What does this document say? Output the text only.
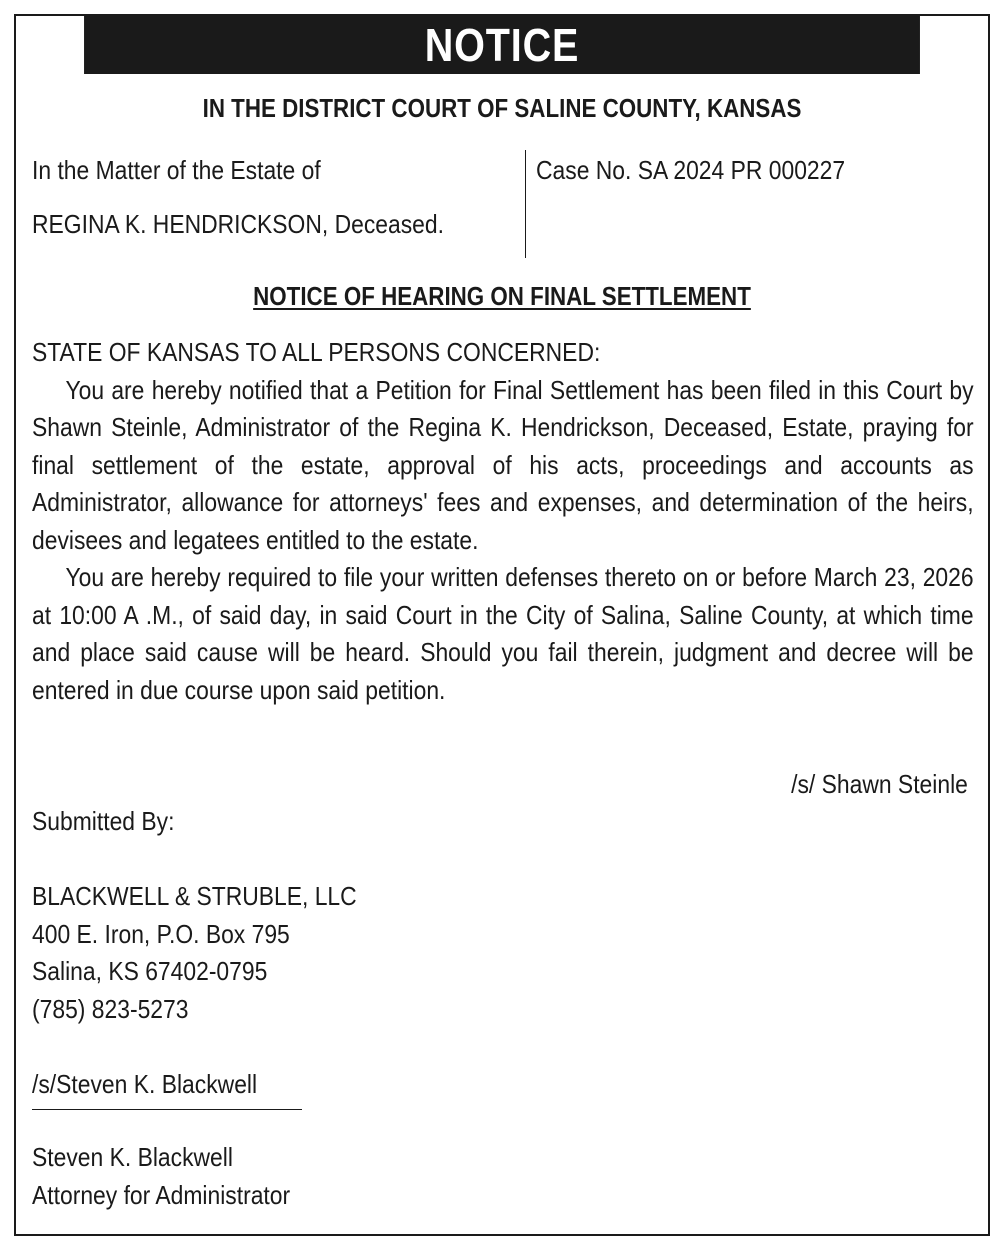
NOTICE
IN THE DISTRICT COURT OF SALINE COUNTY, KANSAS
In the Matter of the Estate of
REGINA K. HENDRICKSON, Deceased.
Case No. SA 2024 PR 000227
NOTICE OF HEARING ON FINAL SETTLEMENT

STATE OF KANSAS TO ALL PERSONS CONCERNED:

You are hereby notified that a Petition for Final Settlement has been filed in this Court by Shawn Steinle, Administrator of the Regina K. Hendrickson, Deceased, Estate, praying for final settlement of the estate, approval of his acts, proceedings and accounts as Administrator, allowance for attorneys' fees and expenses, and determination of the heirs, devisees and legatees entitled to the estate.

You are hereby required to file your written defenses thereto on or before March 23, 2026 at 10:00 A .M., of said day, in said Court in the City of Salina, Saline County, at which time and place said cause will be heard. Should you fail therein, judgment and decree will be entered in due course upon said petition.

/s/ Shawn Steinle
Submitted By:
BLACKWELL & STRUBLE, LLC
400 E. Iron, P.O. Box 795
Salina, KS 67402-0795
(785) 823-5273
/s/Steven K. Blackwell
Steven K. Blackwell
Attorney for Administrator
